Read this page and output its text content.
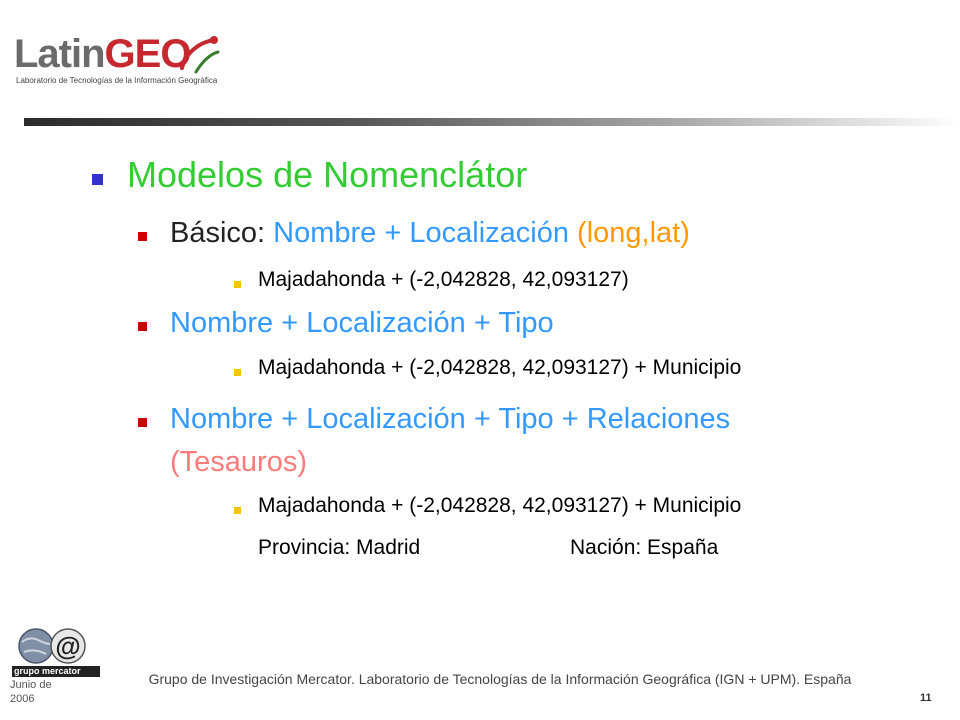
LatinGEO
Laboratorio de Tecnologías de la Información Geográfica
Modelos de Nomenclátor
Básico: Nombre + Localización (long,lat)
Majadahonda + (-2,042828, 42,093127)
Nombre + Localización + Tipo
Majadahonda + (-2,042828, 42,093127) + Municipio
Nombre + Localización + Tipo + Relaciones
(Tesauros)
Majadahonda + (-2,042828, 42,093127) + Municipio
Provincia: Madrid	Nación: España
@
grupo mercator
Junio de 2006
Grupo de Investigación Mercator. Laboratorio de Tecnologías de la Información Geográfica (IGN + UPM). España
11
